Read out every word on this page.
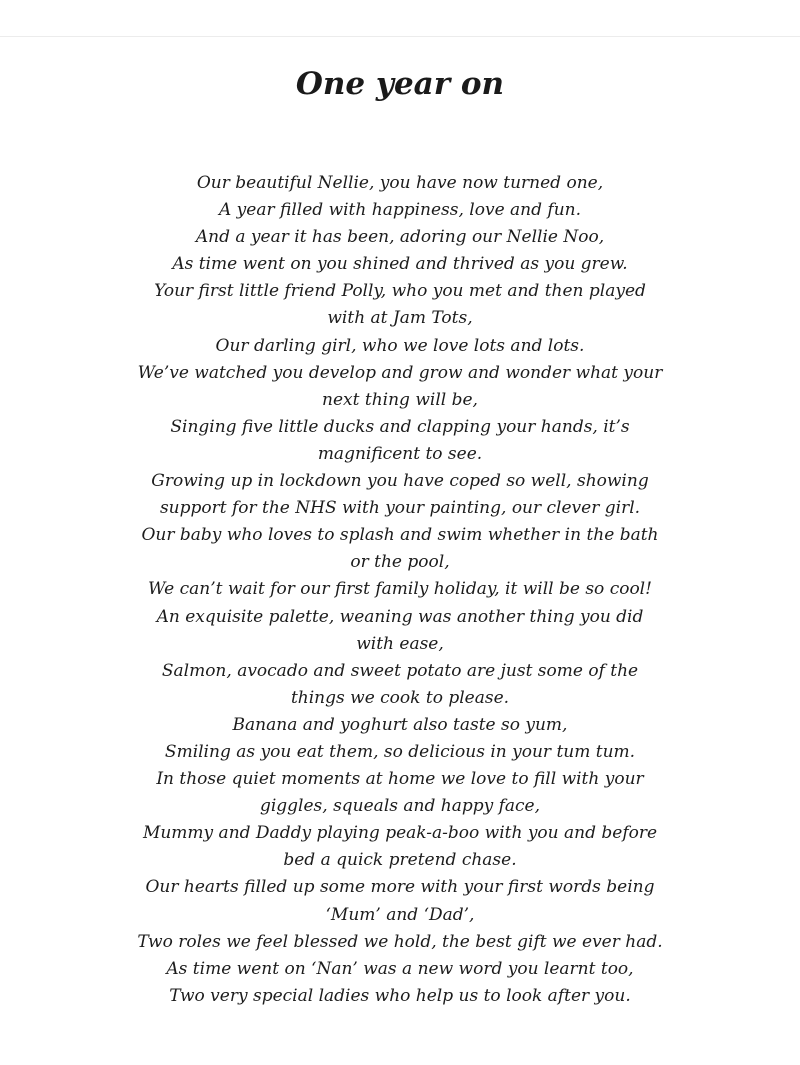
One year on
Our beautiful Nellie, you have now turned one,
A year filled with happiness, love and fun.
And a year it has been, adoring our Nellie Noo,
As time went on you shined and thrived as you grew.
Your first little friend Polly, who you met and then played
with at Jam Tots,
Our darling girl, who we love lots and lots.
We’ve watched you develop and grow and wonder what your
next thing will be,
Singing five little ducks and clapping your hands, it’s
magnificent to see.
Growing up in lockdown you have coped so well, showing
support for the NHS with your painting, our clever girl.
Our baby who loves to splash and swim whether in the bath
or the pool,
We can’t wait for our first family holiday, it will be so cool!
An exquisite palette, weaning was another thing you did
with ease,
Salmon, avocado and sweet potato are just some of the
things we cook to please.
Banana and yoghurt also taste so yum,
Smiling as you eat them, so delicious in your tum tum.
In those quiet moments at home we love to fill with your
giggles, squeals and happy face,
Mummy and Daddy playing peak-a-boo with you and before
bed a quick pretend chase.
Our hearts filled up some more with your first words being
‘Mum’ and ‘Dad’,
Two roles we feel blessed we hold, the best gift we ever had.
As time went on ‘Nan’ was a new word you learnt too,
Two very special ladies who help us to look after you.
